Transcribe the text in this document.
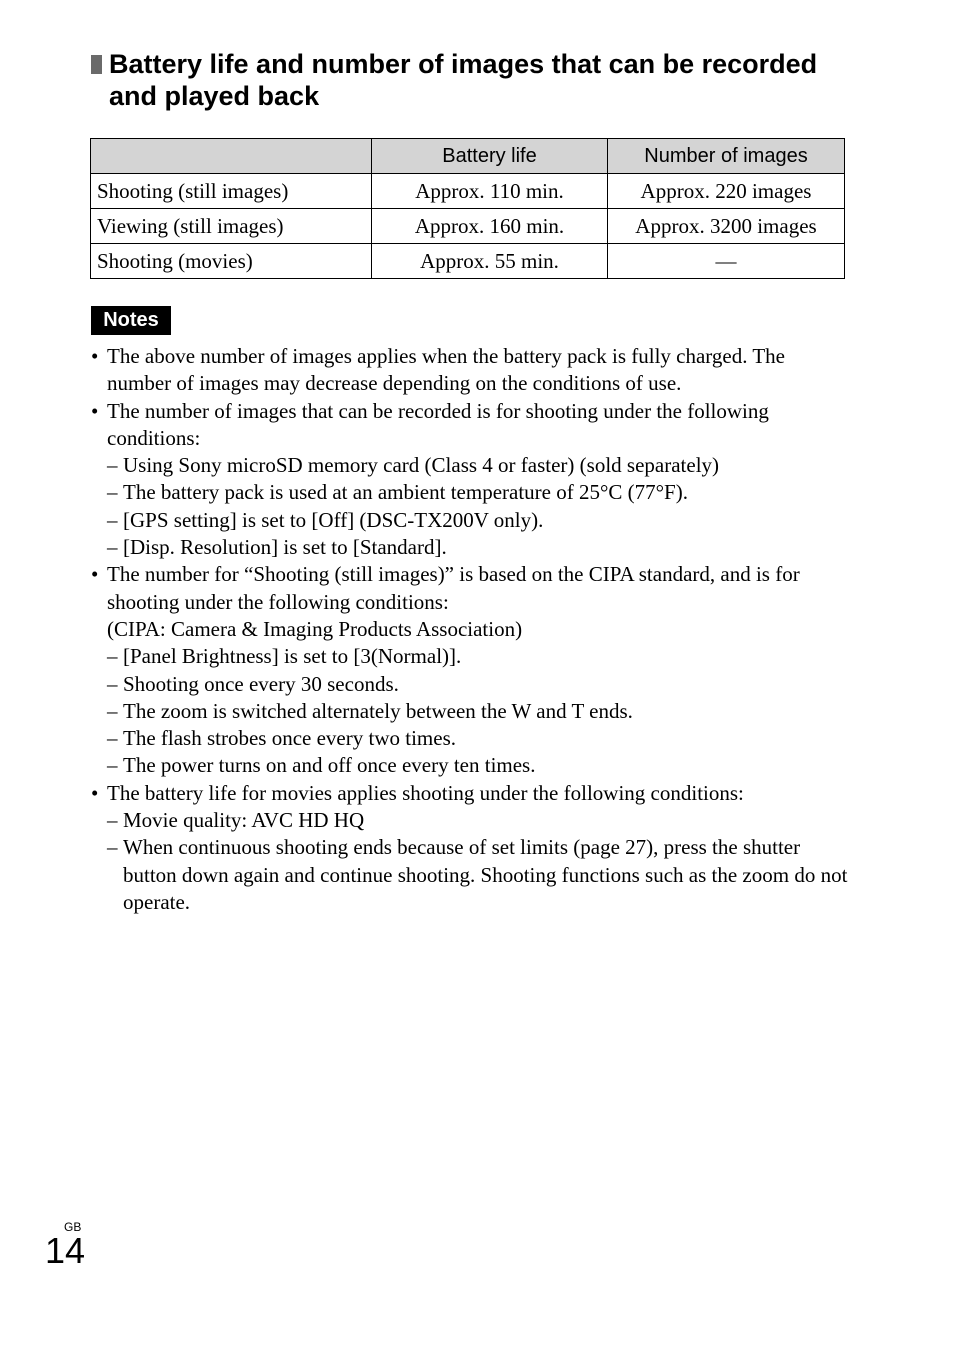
Battery life and number of images that can be recorded and played back
	Battery life	Number of images
Shooting (still images)	Approx. 110 min.	Approx. 220 images
Viewing (still images)	Approx. 160 min.	Approx. 3200 images
Shooting (movies)	Approx. 55 min.	—
Notes
• The above number of images applies when the battery pack is fully charged. The number of images may decrease depending on the conditions of use.
• The number of images that can be recorded is for shooting under the following conditions:
– Using Sony microSD memory card (Class 4 or faster) (sold separately)
– The battery pack is used at an ambient temperature of 25°C (77°F).
– [GPS setting] is set to [Off] (DSC-TX200V only).
– [Disp. Resolution] is set to [Standard].
• The number for “Shooting (still images)” is based on the CIPA standard, and is for shooting under the following conditions:
(CIPA: Camera & Imaging Products Association)
– [Panel Brightness] is set to [3(Normal)].
– Shooting once every 30 seconds.
– The zoom is switched alternately between the W and T ends.
– The flash strobes once every two times.
– The power turns on and off once every ten times.
• The battery life for movies applies shooting under the following conditions:
– Movie quality: AVC HD HQ
– When continuous shooting ends because of set limits (page 27), press the shutter button down again and continue shooting. Shooting functions such as the zoom do not operate.
GB
14
